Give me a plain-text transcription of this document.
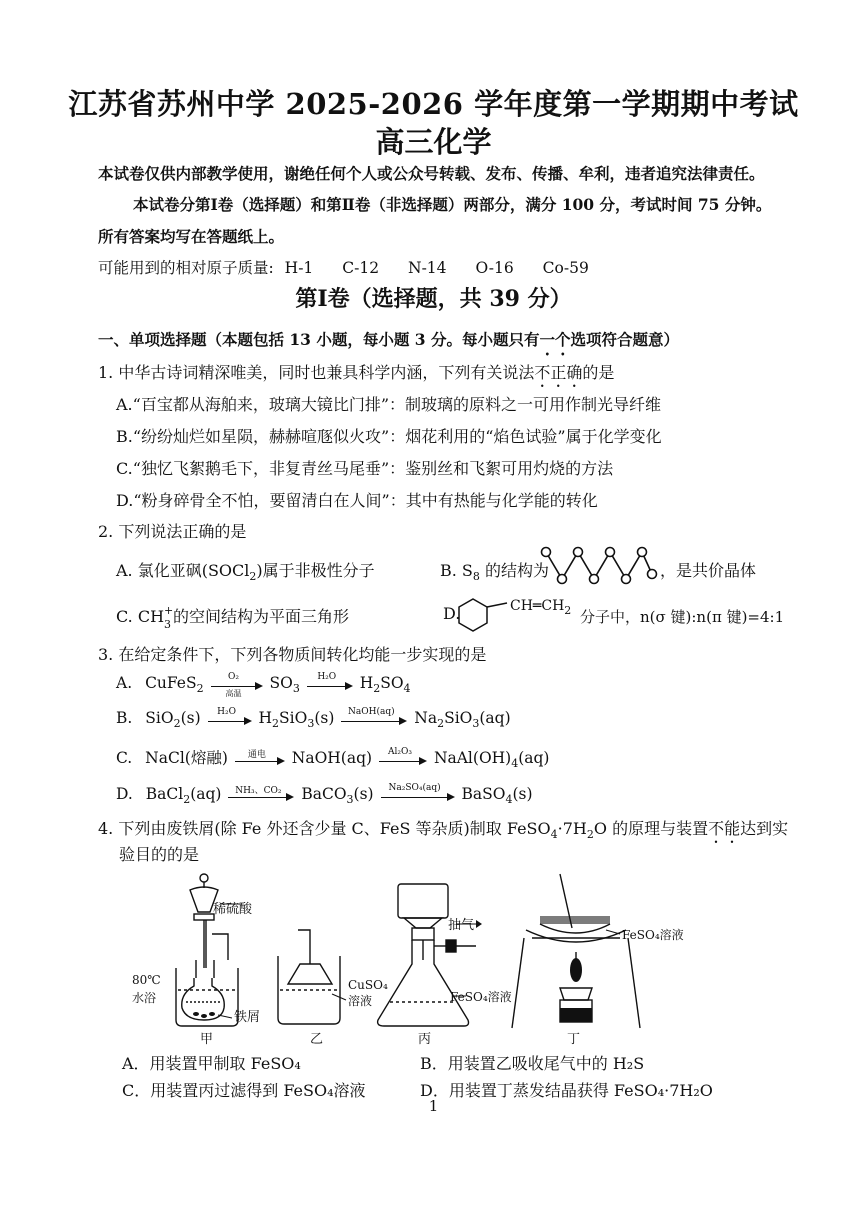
江苏省苏州中学 2025-2026 学年度第一学期期中考试
高三化学
本试卷仅供内部教学使用，谢绝任何个人或公众号转载、发布、传播、牟利，违者追究法律责任。
本试卷分第Ⅰ卷（选择题）和第Ⅱ卷（非选择题）两部分，满分 100 分，考试时间 75 分钟。
所有答案均写在答题纸上。
可能用到的相对原子质量: H-1 C-12 N-14 O-16 Co-59
第Ⅰ卷（选择题，共 39 分）
一、单项选择题（本题包括 13 小题，每小题 3 分。每小题只有一个选项符合题意）
1. 中华古诗词精深唯美，同时也兼具科学内涵，下列有关说法不正确的是
A.“百宝都从海舶来，玻璃大镜比门排”：制玻璃的原料之一可用作制光导纤维
B.“纷纷灿烂如星陨，赫赫喧豗似火攻”：烟花利用的“焰色试验”属于化学变化
C.“独忆飞絮鹅毛下，非复青丝马尾垂”：鉴别丝和飞絮可用灼烧的方法
D.“粉身碎骨全不怕，要留清白在人间”：其中有热能与化学能的转化
2. 下列说法正确的是
A. 氯化亚砜(SOCl$_2$)属于非极性分子	B. $S_8$ 的结构为	，是共价晶体
C. CH +
3 的空间结构为平面三角形	D.	$CH═CH_2$ 分子中，n(σ 键):n(π 键)=4:1
3. 在给定条件下，下列各物质间转化均能一步实现的是
A. CuFeS$_2$
O₂
高温
$SO_3$
H₂O	$H_2SO_4$
B. SiO$_2$(s)	H₂O	$H_2SiO_3(s)$	NaOH(aq)	$Na_2SiO_3(aq)$
C. NaCl(熔融)	通电	NaOH(aq)	Al₂O₃	$NaAl(OH)_4(aq)$
D. BaCl$_2$(aq)	NH₃、CO₂	BaCO$_3$(s)	Na₂SO₄(aq)	BaSO$_4$(s)
4. 下列由废铁屑(除 Fe 外还含少量 C、FeS 等杂质)制取 $FeSO_4\cdot 7H_2O$ 的原理与装置不能达到实
验目的的是
稀硫酸
80℃
水浴
铁屑
甲
CuSO₄
溶液
乙
抽气
FeSO₄溶液
丙
FeSO₄溶液
丁
A．用装置甲制取 FeSO₄	B．用装置乙吸收尾气中的 H₂S
C．用装置丙过滤得到 FeSO₄溶液	D．用装置丁蒸发结晶获得 FeSO₄·7H₂O
1
